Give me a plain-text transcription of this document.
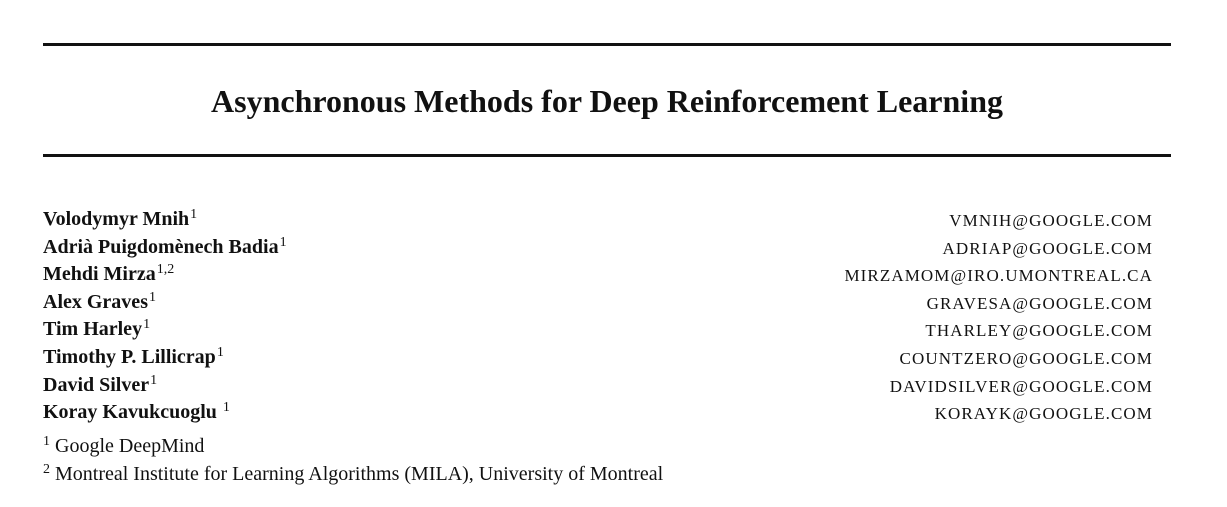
Asynchronous Methods for Deep Reinforcement Learning
Volodymyr Mnih$^1$	VMNIH@GOOGLE.COM
Adrià Puigdomènech Badia$^1$	ADRIAP@GOOGLE.COM
Mehdi Mirza$^{1,2}$	MIRZAMOM@IRO.UMONTREAL.CA
Alex Graves$^1$	GRAVESA@GOOGLE.COM
Tim Harley$^1$	THARLEY@GOOGLE.COM
Timothy P. Lillicrap$^1$	COUNTZERO@GOOGLE.COM
David Silver$^1$	DAVIDSILVER@GOOGLE.COM
Koray Kavukcuoglu $^1$	KORAYK@GOOGLE.COM
$^1$ Google DeepMind
$^2$ Montreal Institute for Learning Algorithms (MILA), University of Montreal
